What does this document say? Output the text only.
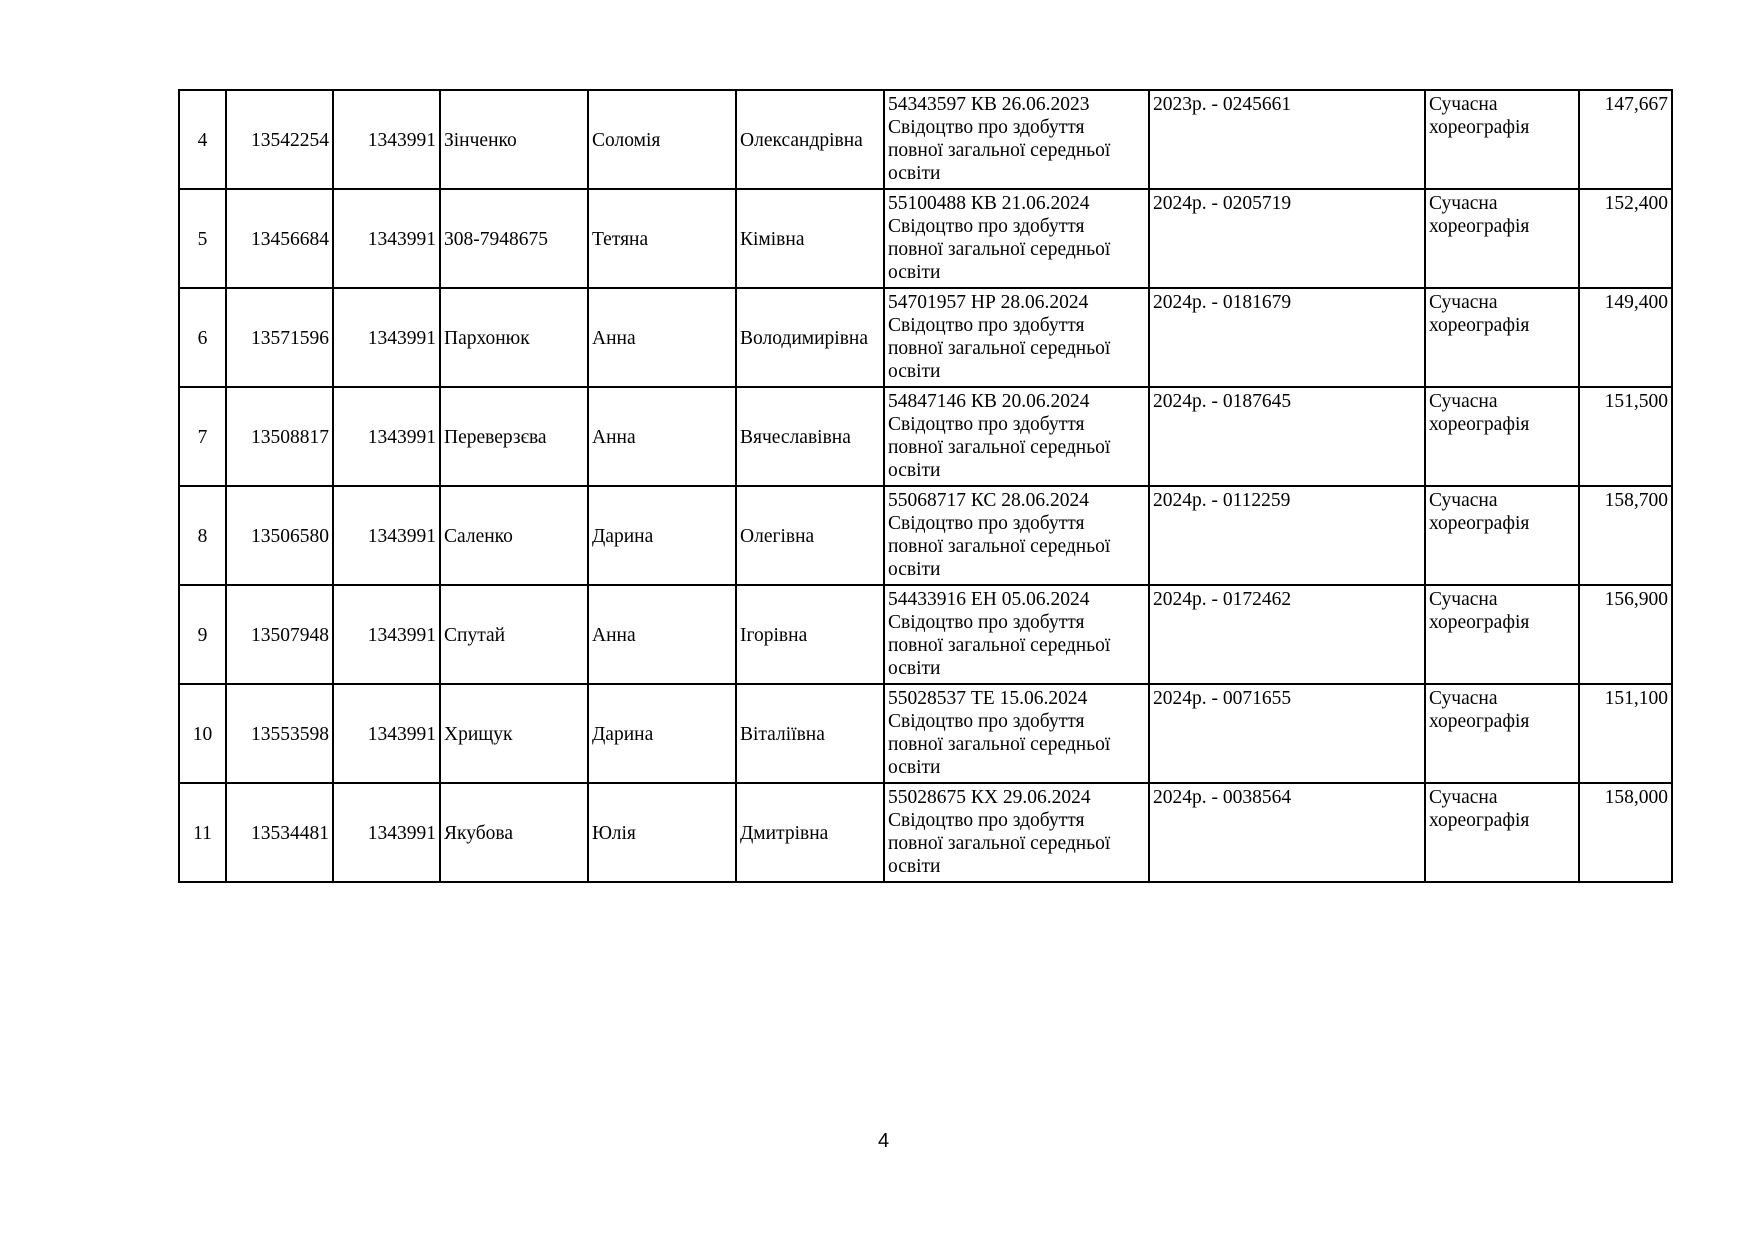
4	13542254	1343991	Зінченко	Соломія	Олександрівна	54343597 КВ 26.06.2023
Свідоцтво про здобуття
повної загальної середньої
освіти	2023р. - 0245661	Сучасна
хореографія	147,667
5	13456684	1343991	308-7948675	Тетяна	Кімівна	55100488 КВ 21.06.2024
Свідоцтво про здобуття
повної загальної середньої
освіти	2024р. - 0205719	Сучасна
хореографія	152,400
6	13571596	1343991	Пархонюк	Анна	Володимирівна	54701957 НР 28.06.2024
Свідоцтво про здобуття
повної загальної середньої
освіти	2024р. - 0181679	Сучасна
хореографія	149,400
7	13508817	1343991	Переверзєва	Анна	Вячеславівна	54847146 КВ 20.06.2024
Свідоцтво про здобуття
повної загальної середньої
освіти	2024р. - 0187645	Сучасна
хореографія	151,500
8	13506580	1343991	Саленко	Дарина	Олегівна	55068717 КС 28.06.2024
Свідоцтво про здобуття
повної загальної середньої
освіти	2024р. - 0112259	Сучасна
хореографія	158,700
9	13507948	1343991	Спутай	Анна	Ігорівна	54433916 ЕН 05.06.2024
Свідоцтво про здобуття
повної загальної середньої
освіти	2024р. - 0172462	Сучасна
хореографія	156,900
10	13553598	1343991	Хрищук	Дарина	Віталіївна	55028537 ТЕ 15.06.2024
Свідоцтво про здобуття
повної загальної середньої
освіти	2024р. - 0071655	Сучасна
хореографія	151,100
11	13534481	1343991	Якубова	Юлія	Дмитрівна	55028675 КХ 29.06.2024
Свідоцтво про здобуття
повної загальної середньої
освіти	2024р. - 0038564	Сучасна
хореографія	158,000
4
